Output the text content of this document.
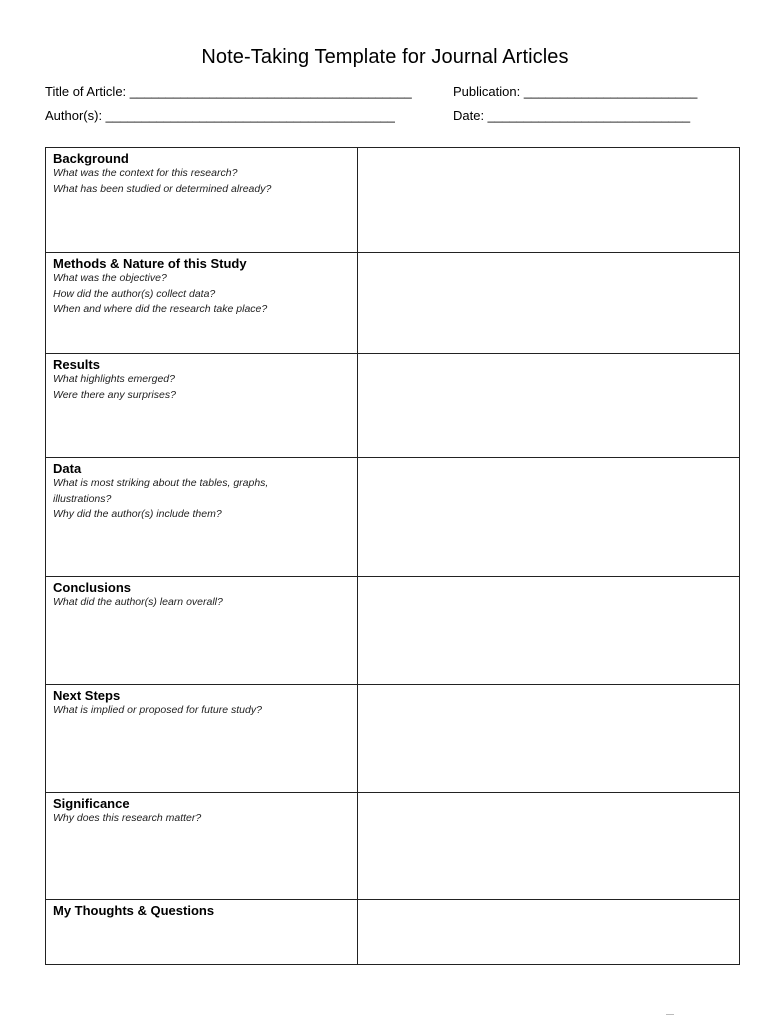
Note-Taking Template for Journal Articles
Title of Article: _______________________________________	Publication: ________________________
Author(s): ________________________________________	Date: ____________________________
Background
What was the context for this research?
What has been studied or determined already?	

Methods & Nature of this Study
What was the objective?
How did the author(s) collect data?
When and where did the research take place?	

Results
What highlights emerged?
Were there any surprises?	

Data
What is most striking about the tables, graphs,
illustrations?
Why did the author(s) include them?	

Conclusions
What did the author(s) learn overall?	

Next Steps
What is implied or proposed for future study?	

Significance
Why does this research matter?	

My Thoughts & Questions	
